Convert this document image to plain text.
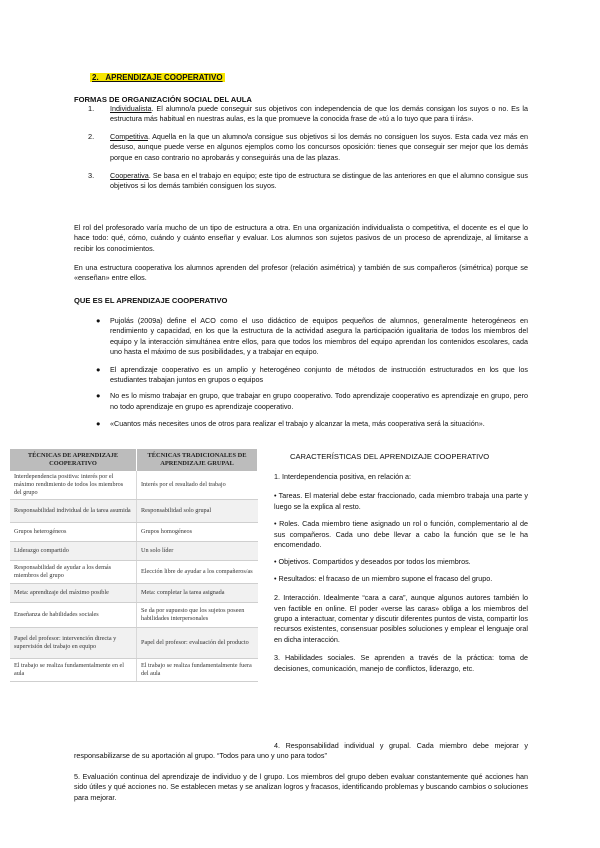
2.   APRENDIZAJE COOPERATIVO

FORMAS DE ORGANIZACIÓN SOCIAL DEL AULA

1. Individualista. El alumno/a puede conseguir sus objetivos con independencia de que los demás consigan los suyos o no. Es la estructura más habitual en nuestras aulas, es la que promueve la conocida frase de «tú a lo tuyo que para ti irás».
2. Competitiva. Aquella en la que un alumno/a consigue sus objetivos si los demás no consiguen los suyos. Esta cada vez más en desuso, aunque puede verse en algunos ejemplos como los concursos oposición: tienes que conseguir ser mejor que los demás porque en caso contrario no aprobarás y conseguirás una de las plazas.
3. Cooperativa. Se basa en el trabajo en equipo; este tipo de estructura se distingue de las anteriores en que el alumno consigue sus objetivos si los demás también consiguen los suyos.

El rol del profesorado varía mucho de un tipo de estructura a otra. En una organización individualista o competitiva, el docente es el que lo hace todo: qué, cómo, cuándo y cuánto enseñar y evaluar. Los alumnos son sujetos pasivos de un proceso de aprendizaje, al limitarse a recibir los conocimientos.

En una estructura cooperativa los alumnos aprenden del profesor (relación asimétrica) y también de sus compañeros (simétrica) porque se «enseñan» entre ellos.

QUE ES EL APRENDIZAJE COOPERATIVO

● Pujolás (2009a) define el ACO como el uso didáctico de equipos pequeños de alumnos, generalmente heterogéneos en rendimiento y capacidad, en los que la estructura de la actividad asegura la participación igualitaria de todos los miembros del equipo y la interacción simultánea entre ellos, para que todos los miembros del equipo aprendan los contenidos escolares, cada uno hasta el máximo de sus posibilidades, y a trabajar en equipo.
● El aprendizaje cooperativo es un amplio y heterogéneo conjunto de métodos de instrucción estructurados en los que los estudiantes trabajan juntos en grupos o equipos
● No es lo mismo trabajar en grupo, que trabajar en grupo cooperativo. Todo aprendizaje cooperativo es aprendizaje en grupo, pero no todo aprendizaje en grupo es aprendizaje cooperativo.
● «Cuantos más necesites unos de otros para realizar el trabajo y alcanzar la meta, más cooperativa será la situación».
TÉCNICAS DE APRENDIZAJE COOPERATIVO	TÉCNICAS TRADICIONALES DE APRENDIZAJE GRUPAL
Interdependencia positiva: interés por el máximo rendimiento de todos los miembros del grupo	Interés por el resultado del trabajo
Responsabilidad individual de la tarea asumida	Responsabilidad solo grupal
Grupos heterogéneos	Grupos homogéneos
Liderazgo compartido	Un solo líder
Responsabilidad de ayudar a los demás miembros del grupo	Elección libre de ayudar a los compañeros/as
Meta: aprendizaje del máximo posible	Meta: completar la tarea asignada
Enseñanza de habilidades sociales	Se da por supuesto que los sujetos poseen habilidades interpersonales
Papel del profesor: intervención directa y supervisión del trabajo en equipo	Papel del profesor: evaluación del producto
El trabajo se realiza fundamentalmente en el aula	El trabajo se realiza fundamentalmente fuera del aula

CARACTERÍSTICAS DEL APRENDIZAJE COOPERATIVO

1. Interdependencia positiva, en relación a:

• Tareas. El material debe estar fraccionado, cada miembro trabaja una parte y luego se la explica al resto.

• Roles. Cada miembro tiene asignado un rol o función, complementario al de sus compañeros. Cada uno debe llevar a cabo la función que se le ha encomendado.

• Objetivos. Compartidos y deseados por todos los miembros.

• Resultados: el fracaso de un miembro supone el fracaso del grupo.

2. Interacción. Idealmente “cara a cara”, aunque algunos autores también lo ven factible en online. El poder «verse las caras» obliga a los miembros del grupo a interactuar, comentar y discutir diferentes puntos de vista, compartir los recursos existentes, consensuar posibles soluciones y emplear el lenguaje oral en dicha interacción.

3. Habilidades sociales. Se aprenden a través de la práctica: toma de decisiones, comunicación, manejo de conflictos, liderazgo, etc.

4. Responsabilidad individual y grupal. Cada miembro debe mejorar y responsabilizarse de su aportación al grupo. “Todos para uno y uno para todos”

5. Evaluación continua del aprendizaje de individuo y de l grupo. Los miembros del grupo deben evaluar constantemente qué acciones han sido útiles y qué acciones no. Se establecen metas y se analizan logros y fracasos, identificando problemas y buscando cambios o soluciones para mejorar.
